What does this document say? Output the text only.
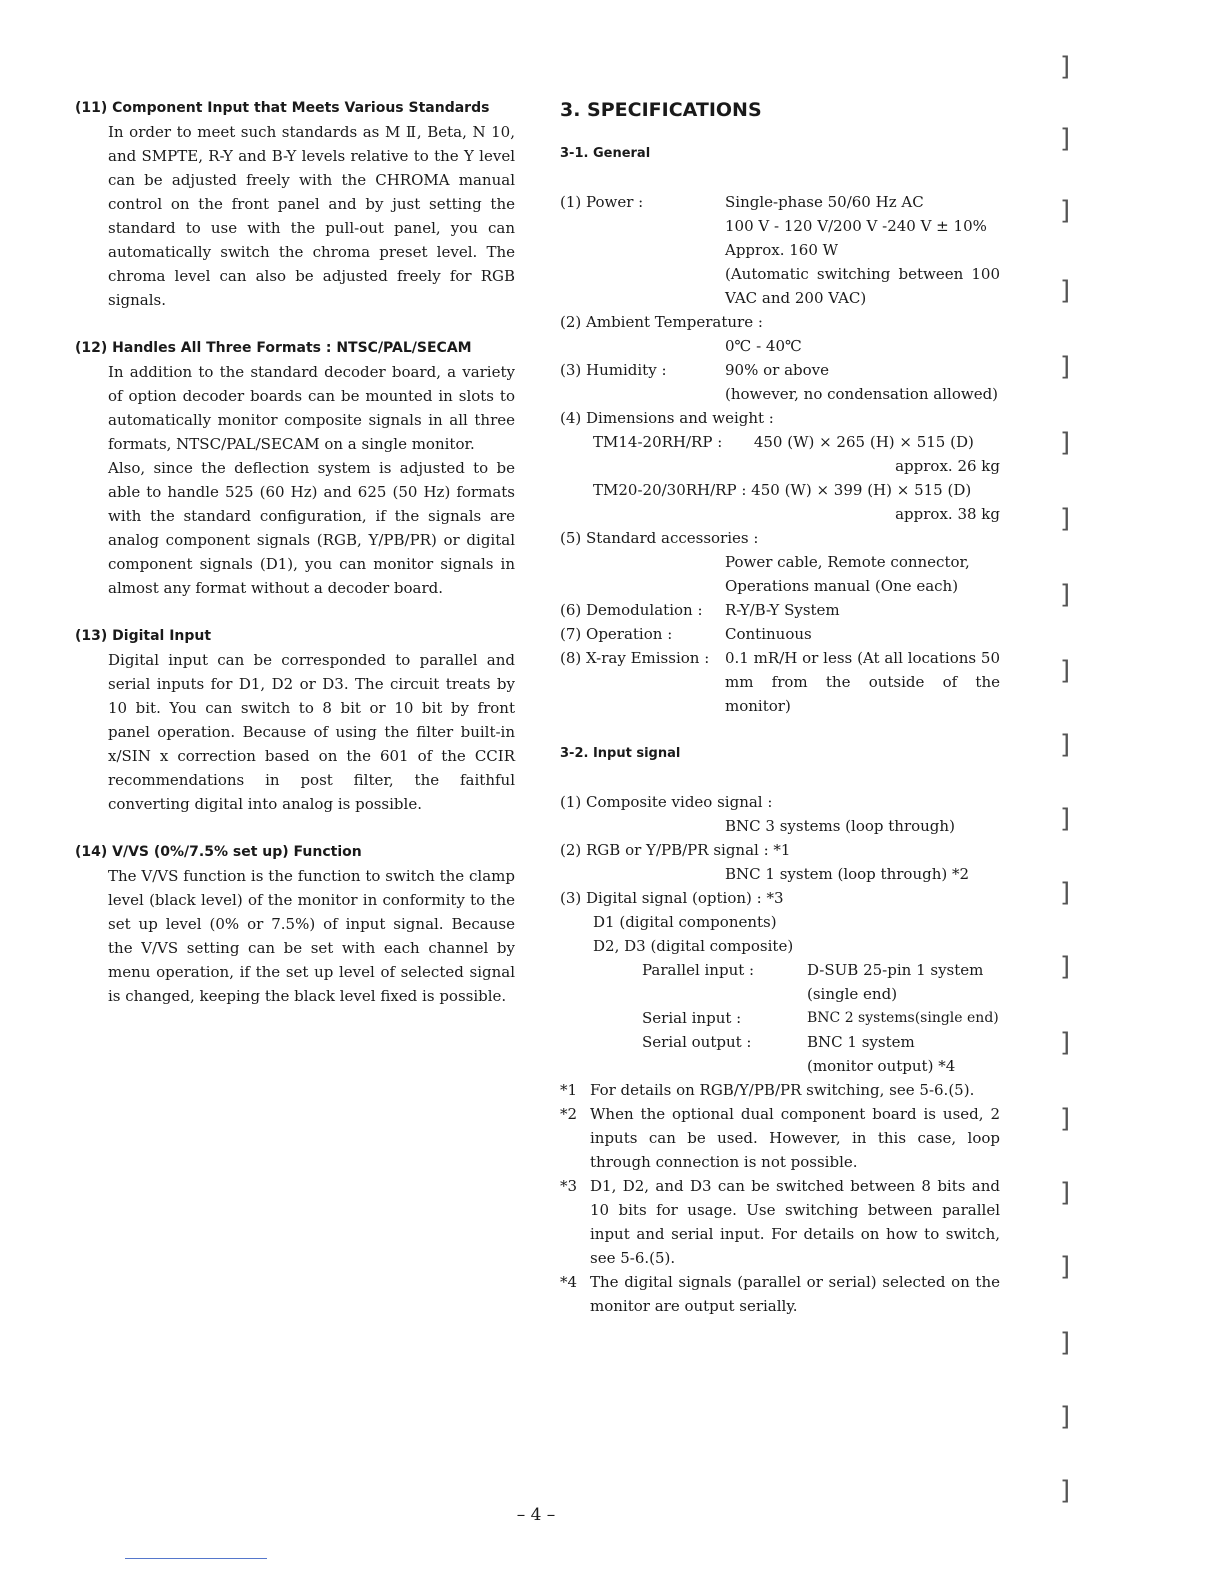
(11) Component Input that Meets Various Standards

In order to meet such standards as M Ⅱ, Beta, N 10, and SMPTE, R-Y and B-Y levels relative to the Y level can be adjusted freely with the CHROMA manual control on the front panel and by just setting the standard to use with the pull-out panel, you can automatically switch the chroma preset level. The chroma level can also be adjusted freely for RGB signals.

(12) Handles All Three Formats : NTSC/PAL/SECAM

In addition to the standard decoder board, a variety of option decoder boards can be mounted in slots to automatically monitor composite signals in all three formats, NTSC/PAL/SECAM on a single monitor.

Also, since the deflection system is adjusted to be able to handle 525 (60 Hz) and 625 (50 Hz) formats with the standard configuration, if the signals are analog component signals (RGB, Y/PB/PR) or digital component signals (D1), you can monitor signals in almost any format without a decoder board.

(13) Digital Input

Digital input can be corresponded to parallel and serial inputs for D1, D2 or D3. The circuit treats by 10 bit. You can switch to 8 bit or 10 bit by front panel operation. Because of using the filter built-in x/SIN x correction based on the 601 of the CCIR recommendations in post filter, the faithful converting digital into analog is possible.

(14) V/VS (0%/7.5% set up) Function

The V/VS function is the function to switch the clamp level (black level) of the monitor in conformity to the set up level (0% or 7.5%) of input signal. Because the V/VS setting can be set with each channel by menu operation, if the set up level of selected signal is changed, keeping the black level fixed is possible.

3. SPECIFICATIONS
3-1. General
(1) Power :	Single-phase 50/60 Hz AC
100 V - 120 V/200 V -240 V ± 10%
Approx. 160 W
(Automatic switching between 100 VAC and 200 VAC)
(2) Ambient Temperature :
0℃ - 40℃
(3) Humidity :	90% or above
(however, no condensation allowed)
(4) Dimensions and weight :
TM14-20RH/RP : 450 (W) × 265 (H) × 515 (D)
approx. 26 kg
TM20-20/30RH/RP : 450 (W) × 399 (H) × 515 (D)
approx. 38 kg
(5) Standard accessories :
Power cable, Remote connector,
Operations manual (One each)
(6) Demodulation :	R-Y/B-Y System
(7) Operation :	Continuous
(8) X-ray Emission :	0.1 mR/H or less (At all locations 50 mm from the outside of the monitor)
3-2. Input signal
(1) Composite video signal :
BNC 3 systems (loop through)
(2) RGB or Y/PB/PR signal : *1
BNC 1 system (loop through) *2
(3) Digital signal (option) : *3
D1 (digital components)
D2, D3 (digital composite)
Parallel input :	D-SUB 25-pin 1 system
(single end)
Serial input :	BNC 2 systems(single end)
Serial output :	BNC 1 system
(monitor output) *4
*1 For details on RGB/Y/PB/PR switching, see 5-6.(5).
*2 When the optional dual component board is used, 2 inputs can be used. However, in this case, loop through connection is not possible.
*3 D1, D2, and D3 can be switched between 8 bits and 10 bits for usage. Use switching between parallel input and serial input. For details on how to switch, see 5-6.(5).
*4 The digital signals (parallel or serial) selected on the monitor are output serially.
– 4 –
]
]
]
]
]
]
]
]
]
]
]
]
]
]
]
]
]
]
]
]
